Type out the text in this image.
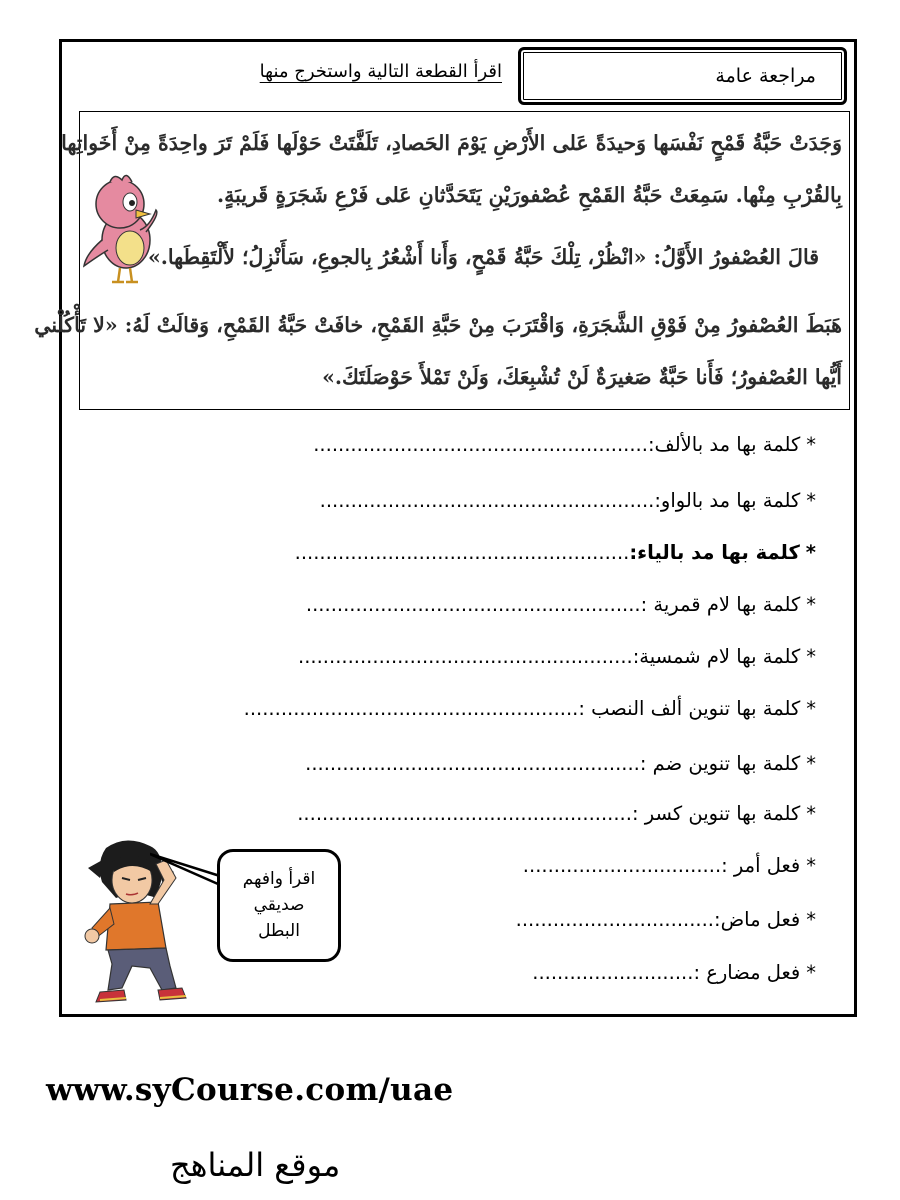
مراجعة عامة
اقرأ القطعة التالية واستخرج منها
وَجَدَتْ حَبَّةُ قَمْحٍ نَفْسَها وَحيدَةً عَلى الأَرْضِ يَوْمَ الحَصادِ، تَلَفَّتَتْ حَوْلَها فَلَمْ تَرَ واحِدَةً مِنْ أَخَواتِها
بِالقُرْبِ مِنْها. سَمِعَتْ حَبَّةُ القَمْحِ عُصْفورَيْنِ يَتَحَدَّثانِ عَلى فَرْعِ شَجَرَةٍ قَريبَةٍ.
قالَ العُصْفورُ الأَوَّلُ: «انْظُرْ، تِلْكَ حَبَّةُ قَمْحٍ، وَأَنا أَشْعُرُ بِالجوعِ، سَأَنْزِلُ؛ لأَلْتَقِطَها.»
هَبَطَ العُصْفورُ مِنْ فَوْقِ الشَّجَرَةِ، وَاقْتَرَبَ مِنْ حَبَّةِ القَمْحِ، خافَتْ حَبَّةُ القَمْحِ، وَقالَتْ لَهُ: «لا تَأْكُلْني
أَيُّها العُصْفورُ؛ فَأَنا حَبَّةٌ صَغيرَةٌ لَنْ تُشْبِعَكَ، وَلَنْ تَمْلأَ حَوْصَلَتَكَ.»
*كلمة بها مد بالألف:......................................................
*كلمة بها مد بالواو:......................................................
*كلمة بها مد بالياء:......................................................
*كلمة بها لام قمرية :......................................................
*كلمة بها لام شمسية:......................................................
*كلمة بها تنوين ألف النصب :......................................................
*كلمة بها تنوين ضم :......................................................
*كلمة بها تنوين كسر :......................................................
*فعل أمر :................................
*فعل ماض:................................
*فعل مضارع :..........................
اقرأ وافهم
صديقي
البطل
www.syCourse.com/uae
موقع المناهج
